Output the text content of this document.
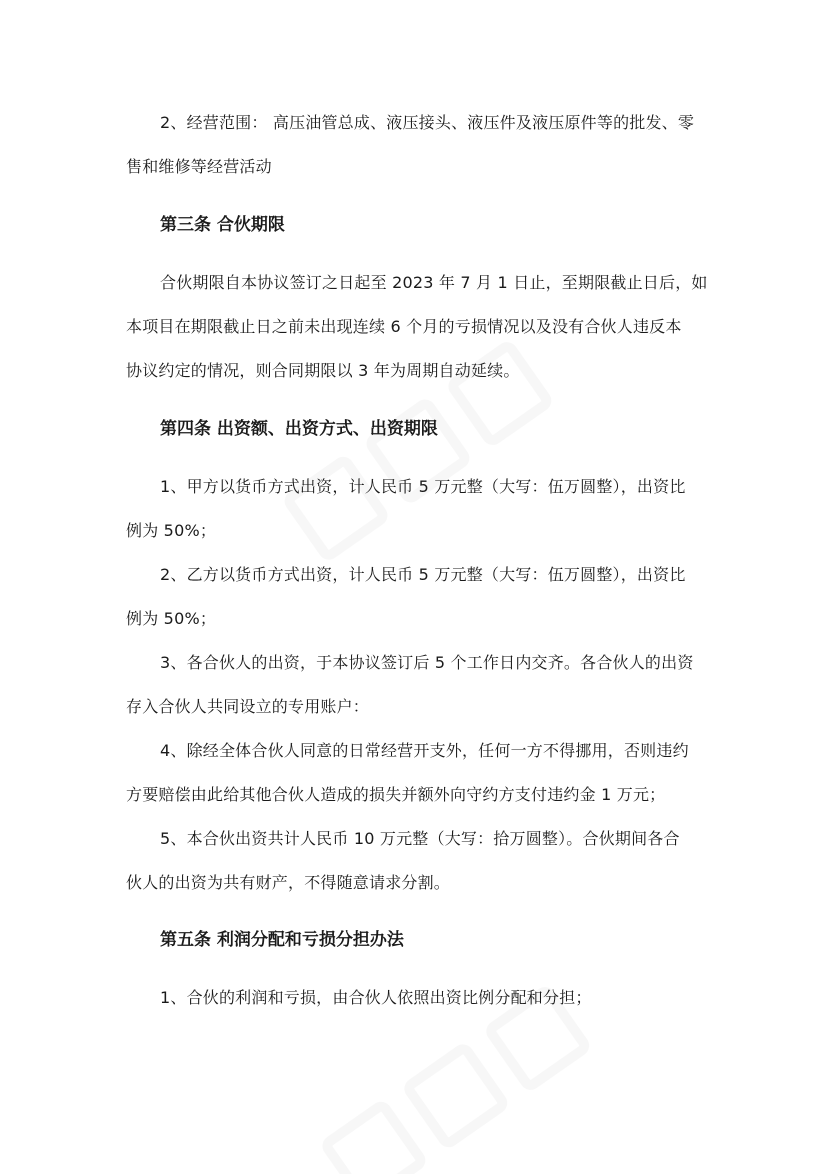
2、经营范围： 高压油管总成、液压接头、液压件及液压原件等的批发、零
售和维修等经营活动
第三条 合伙期限
合伙期限自本协议签订之日起至 2023 年 7 月 1 日止，至期限截止日后，如
本项目在期限截止日之前未出现连续 6 个月的亏损情况以及没有合伙人违反本
协议约定的情况，则合同期限以 3 年为周期自动延续。
第四条 出资额、出资方式、出资期限
1、甲方以货币方式出资，计人民币 5 万元整（大写：伍万圆整），出资比
例为 50%；
2、乙方以货币方式出资，计人民币 5 万元整（大写：伍万圆整），出资比
例为 50%；
3、各合伙人的出资，于本协议签订后 5 个工作日内交齐。各合伙人的出资
存入合伙人共同设立的专用账户：
4、除经全体合伙人同意的日常经营开支外，任何一方不得挪用，否则违约
方要赔偿由此给其他合伙人造成的损失并额外向守约方支付违约金 1 万元；
5、本合伙出资共计人民币 10 万元整（大写：拾万圆整）。合伙期间各合
伙人的出资为共有财产，不得随意请求分割。
第五条 利润分配和亏损分担办法
1、合伙的利润和亏损，由合伙人依照出资比例分配和分担；
